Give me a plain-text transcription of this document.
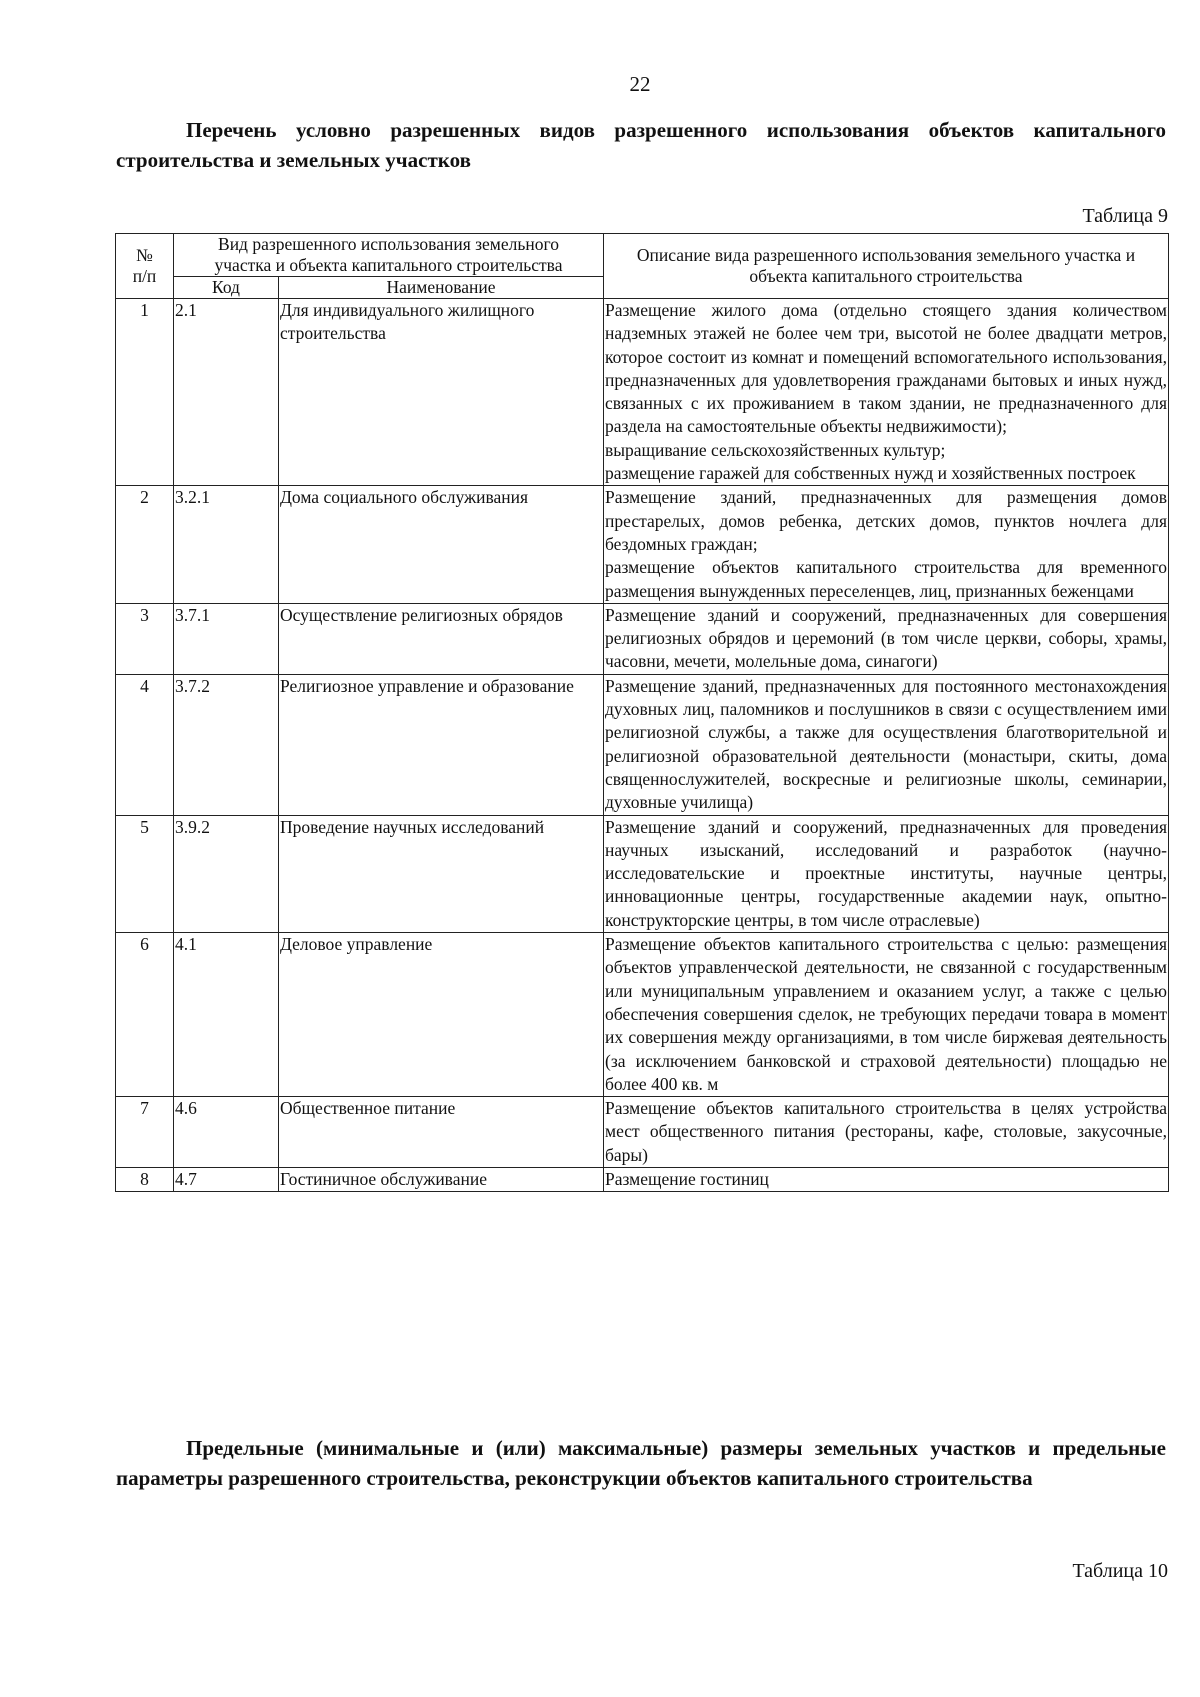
22
Перечень условно разрешенных видов разрешенного использования объектов капитального строительства и земельных участков
Таблица 9
№ п/п	Вид разрешенного использования земельного участка и объекта капитального строительства		Описание вида разрешенного использования земельного участка и объекта капитального строительства
	Код	Наименование	
1	2.1	Для индивидуального жилищного строительства	Размещение жилого дома (отдельно стоящего здания количеством надземных этажей не более чем три, высотой не более двадцати метров, которое состоит из комнат и помещений вспомогательного использования, предназначенных для удовлетворения гражданами бытовых и иных нужд, связанных с их проживанием в таком здании, не предназначенного для раздела на самостоятельные объекты недвижимости);
выращивание сельскохозяйственных культур;
размещение гаражей для собственных нужд и хозяйственных построек

2	3.2.1	Дома социального обслуживания	Размещение зданий, предназначенных для размещения домов престарелых, домов ребенка, детских домов, пунктов ночлега для бездомных граждан;
размещение объектов капитального строительства для временного размещения вынужденных переселенцев, лиц, признанных беженцами

3	3.7.1	Осуществление религиозных обрядов	Размещение зданий и сооружений, предназначенных для совершения религиозных обрядов и церемоний (в том числе церкви, соборы, храмы, часовни, мечети, молельные дома, синагоги)

4	3.7.2	Религиозное управление и образование	Размещение зданий, предназначенных для постоянного местонахождения духовных лиц, паломников и послушников в связи с осуществлением ими религиозной службы, а также для осуществления благотворительной и религиозной образовательной деятельности (монастыри, скиты, дома священнослужителей, воскресные и религиозные школы, семинарии, духовные училища)

5	3.9.2	Проведение научных исследований	Размещение зданий и сооружений, предназначенных для проведения научных изысканий, исследований и разработок (научно-исследовательские и проектные институты, научные центры, инновационные центры, государственные академии наук, опытно-конструкторские центры, в том числе отраслевые)

6	4.1	Деловое управление	Размещение объектов капитального строительства с целью: размещения объектов управленческой деятельности, не связанной с государственным или муниципальным управлением и оказанием услуг, а также с целью обеспечения совершения сделок, не требующих передачи товара в момент их совершения между организациями, в том числе биржевая деятельность (за исключением банковской и страховой деятельности) площадью не более 400 кв. м

7	4.6	Общественное питание	Размещение объектов капитального строительства в целях устройства мест общественного питания (рестораны, кафе, столовые, закусочные, бары)

8	4.7	Гостиничное обслуживание	Размещение гостиниц
Предельные (минимальные и (или) максимальные) размеры земельных участков и предельные параметры разрешенного строительства, реконструкции объектов капитального строительства
Таблица 10
